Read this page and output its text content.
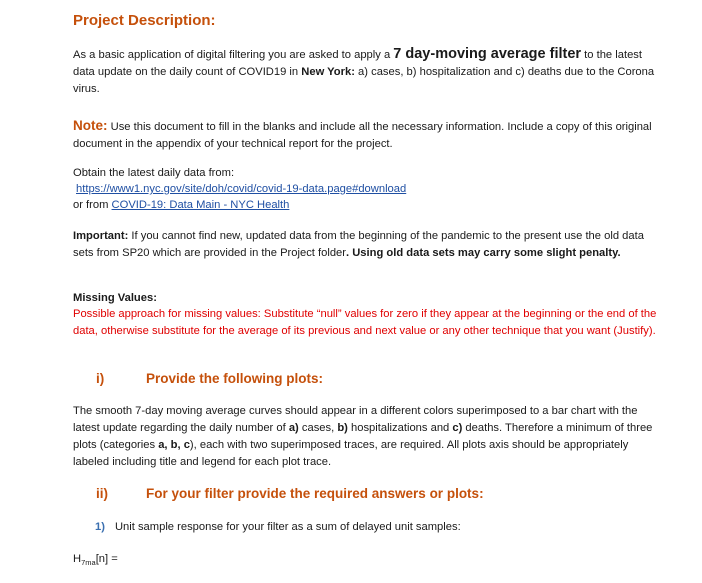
Project Description:

As a basic application of digital filtering you are asked to apply a 7 day-moving average filter to the latest data update on the daily count of COVID19 in New York: a) cases, b) hospitalization and c) deaths due to the Corona virus.

Note: Use this document to fill in the blanks and include all the necessary information. Include a copy of this original document in the appendix of your technical report for the project.

Obtain the latest daily data from:

https://www1.nyc.gov/site/doh/covid/covid-19-data.page#download

or from COVID-19: Data Main - NYC Health

Important: If you cannot find new, updated data from the beginning of the pandemic to the present use the old data sets from SP20 which are provided in the Project folder. Using old data sets may carry some slight penalty.

Missing Values:

Possible approach for missing values: Substitute “null” values for zero if they appear at the beginning or the end of the data, otherwise substitute for the average of its previous and next value or any other technique that you want (Justify).

i)	Provide the following plots:

The smooth 7-day moving average curves should appear in a different colors superimposed to a bar chart with the latest update regarding the daily number of a) cases, b) hospitalizations and c) deaths. Therefore a minimum of three plots (categories a, b, c), each with two superimposed traces, are required. All plots axis should be appropriately labeled including title and legend for each plot trace.

ii)	For your filter provide the required answers or plots:
1) Unit sample response for your filter as a sum of delayed unit samples:
$H_{7ma}[n]$ =
